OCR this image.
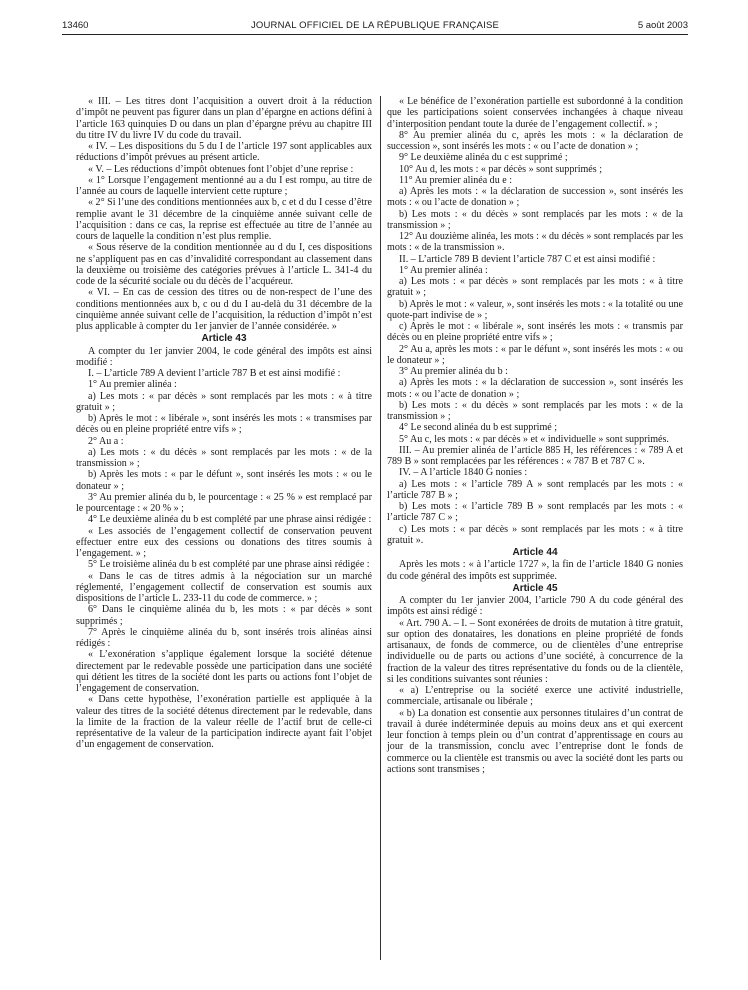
13460	JOURNAL OFFICIEL DE LA RÉPUBLIQUE FRANÇAISE	5 août 2003

« III. – Les titres dont l’acquisition a ouvert droit à la réduction d’impôt ne peuvent pas figurer dans un plan d’épargne en actions défini à l’article 163 quinquies D ou dans un plan d’épargne prévu au chapitre III du titre IV du livre IV du code du travail.

« IV. – Les dispositions du 5 du I de l’article 197 sont applicables aux réductions d’impôt prévues au présent article.

« V. – Les réductions d’impôt obtenues font l’objet d’une reprise :

« 1° Lorsque l’engagement mentionné au a du I est rompu, au titre de l’année au cours de laquelle intervient cette rupture ;

« 2° Si l’une des conditions mentionnées aux b, c et d du I cesse d’être remplie avant le 31 décembre de la cinquième année suivant celle de l’acquisition : dans ce cas, la reprise est effectuée au titre de l’année au cours de laquelle la condition n’est plus remplie.

« Sous réserve de la condition mentionnée au d du I, ces dispositions ne s’appliquent pas en cas d’invalidité correspondant au classement dans la deuxième ou troisième des catégories prévues à l’article L. 341-4 du code de la sécurité sociale ou du décès de l’acquéreur.

« VI. – En cas de cession des titres ou de non-respect de l’une des conditions mentionnées aux b, c ou d du I au-delà du 31 décembre de la cinquième année suivant celle de l’acquisition, la réduction d’impôt n’est plus applicable à compter du 1er janvier de l’année considérée. »

Article 43

A compter du 1er janvier 2004, le code général des impôts est ainsi modifié :

I. – L’article 789 A devient l’article 787 B et est ainsi modifié :

1° Au premier alinéa :

a) Les mots : « par décès » sont remplacés par les mots : « à titre gratuit » ;

b) Après le mot : « libérale », sont insérés les mots : « transmises par décès ou en pleine propriété entre vifs » ;

2° Au a :

a) Les mots : « du décès » sont remplacés par les mots : « de la transmission » ;

b) Après les mots : « par le défunt », sont insérés les mots : « ou le donateur » ;

3° Au premier alinéa du b, le pourcentage : « 25 % » est remplacé par le pourcentage : « 20 % » ;

4° Le deuxième alinéa du b est complété par une phrase ainsi rédigée :

« Les associés de l’engagement collectif de conservation peuvent effectuer entre eux des cessions ou donations des titres soumis à l’engagement. » ;

5° Le troisième alinéa du b est complété par une phrase ainsi rédigée :

« Dans le cas de titres admis à la négociation sur un marché réglementé, l’engagement collectif de conservation est soumis aux dispositions de l’article L. 233-11 du code de commerce. » ;

6° Dans le cinquième alinéa du b, les mots : « par décès » sont supprimés ;

7° Après le cinquième alinéa du b, sont insérés trois alinéas ainsi rédigés :

« L’exonération s’applique également lorsque la société détenue directement par le redevable possède une participation dans une société qui détient les titres de la société dont les parts ou actions font l’objet de l’engagement de conservation.

« Dans cette hypothèse, l’exonération partielle est appliquée à la valeur des titres de la société détenus directement par le redevable, dans la limite de la fraction de la valeur réelle de l’actif brut de celle-ci représentative de la valeur de la participation indirecte ayant fait l’objet d’un engagement de conservation.

« Le bénéfice de l’exonération partielle est subordonné à la condition que les participations soient conservées inchangées à chaque niveau d’interposition pendant toute la durée de l’engagement collectif. » ;

8° Au premier alinéa du c, après les mots : « la déclaration de succession », sont insérés les mots : « ou l’acte de donation » ;

9° Le deuxième alinéa du c est supprimé ;

10° Au d, les mots : « par décès » sont supprimés ;

11° Au premier alinéa du e :

a) Après les mots : « la déclaration de succession », sont insérés les mots : « ou l’acte de donation » ;

b) Les mots : « du décès » sont remplacés par les mots : « de la transmission » ;

12° Au douzième alinéa, les mots : « du décès » sont remplacés par les mots : « de la transmission ».

II. – L’article 789 B devient l’article 787 C et est ainsi modifié :

1° Au premier alinéa :

a) Les mots : « par décès » sont remplacés par les mots : « à titre gratuit » ;

b) Après le mot : « valeur, », sont insérés les mots : « la totalité ou une quote-part indivise de » ;

c) Après le mot : « libérale », sont insérés les mots : « transmis par décès ou en pleine propriété entre vifs » ;

2° Au a, après les mots : « par le défunt », sont insérés les mots : « ou le donateur » ;

3° Au premier alinéa du b :

a) Après les mots : « la déclaration de succession », sont insérés les mots : « ou l’acte de donation » ;

b) Les mots : « du décès » sont remplacés par les mots : « de la transmission » ;

4° Le second alinéa du b est supprimé ;

5° Au c, les mots : « par décès » et « individuelle » sont supprimés.

III. – Au premier alinéa de l’article 885 H, les références : « 789 A et 789 B » sont remplacées par les références : « 787 B et 787 C ».

IV. – A l’article 1840 G nonies :

a) Les mots : « l’article 789 A » sont remplacés par les mots : « l’article 787 B » ;

b) Les mots : « l’article 789 B » sont remplacés par les mots : « l’article 787 C » ;

c) Les mots : « par décès » sont remplacés par les mots : « à titre gratuit ».

Article 44

Après les mots : « à l’article 1727 », la fin de l’article 1840 G nonies du code général des impôts est supprimée.

Article 45

A compter du 1er janvier 2004, l’article 790 A du code général des impôts est ainsi rédigé :

« Art. 790 A. – I. – Sont exonérées de droits de mutation à titre gratuit, sur option des donataires, les donations en pleine propriété de fonds artisanaux, de fonds de commerce, ou de clientèles d’une entreprise individuelle ou de parts ou actions d’une société, à concurrence de la fraction de la valeur des titres représentative du fonds ou de la clientèle, si les conditions suivantes sont réunies :

« a) L’entreprise ou la société exerce une activité industrielle, commerciale, artisanale ou libérale ;

« b) La donation est consentie aux personnes titulaires d’un contrat de travail à durée indéterminée depuis au moins deux ans et qui exercent leur fonction à temps plein ou d’un contrat d’apprentissage en cours au jour de la transmission, conclu avec l’entreprise dont le fonds de commerce ou la clientèle est transmis ou avec la société dont les parts ou actions sont transmises ;
